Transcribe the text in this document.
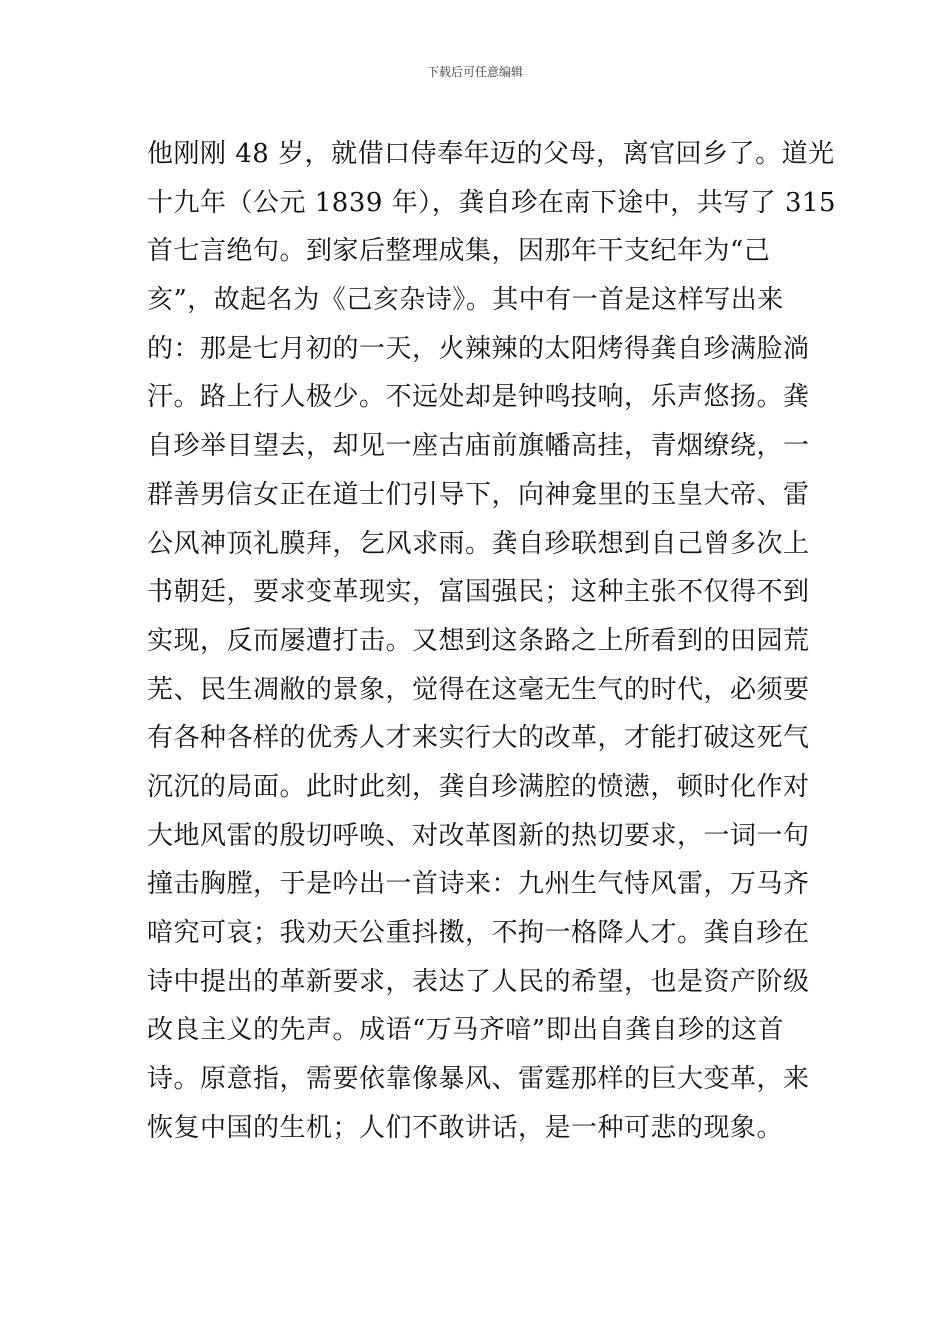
下载后可任意编辑
他刚刚 48 岁，就借口侍奉年迈的父母，离官回乡了。道光
十九年（公元 1839 年），龚自珍在南下途中，共写了 315
首七言绝句。到家后整理成集，因那年干支纪年为“己
亥”，故起名为《己亥杂诗》。其中有一首是这样写出来
的：那是七月初的一天，火辣辣的太阳烤得龚自珍满脸淌
汗。路上行人极少。不远处却是钟鸣技响，乐声悠扬。龚
自珍举目望去，却见一座古庙前旗幡高挂，青烟缭绕，一
群善男信女正在道士们引导下，向神龛里的玉皇大帝、雷
公风神顶礼膜拜，乞风求雨。龚自珍联想到自己曾多次上
书朝廷，要求变革现实，富国强民；这种主张不仅得不到
实现，反而屡遭打击。又想到这条路之上所看到的田园荒
芜、民生凋敝的景象，觉得在这毫无生气的时代，必须要
有各种各样的优秀人才来实行大的改革，才能打破这死气
沉沉的局面。此时此刻，龚自珍满腔的愤懑，顿时化作对
大地风雷的殷切呼唤、对改革图新的热切要求，一词一句
撞击胸膛，于是吟出一首诗来：九州生气恃风雷，万马齐
喑究可哀；我劝天公重抖擞，不拘一格降人才。龚自珍在
诗中提出的革新要求，表达了人民的希望，也是资产阶级
改良主义的先声。成语“万马齐喑”即出自龚自珍的这首
诗。原意指，需要依靠像暴风、雷霆那样的巨大变革，来
恢复中国的生机；人们不敢讲话，是一种可悲的现象。
